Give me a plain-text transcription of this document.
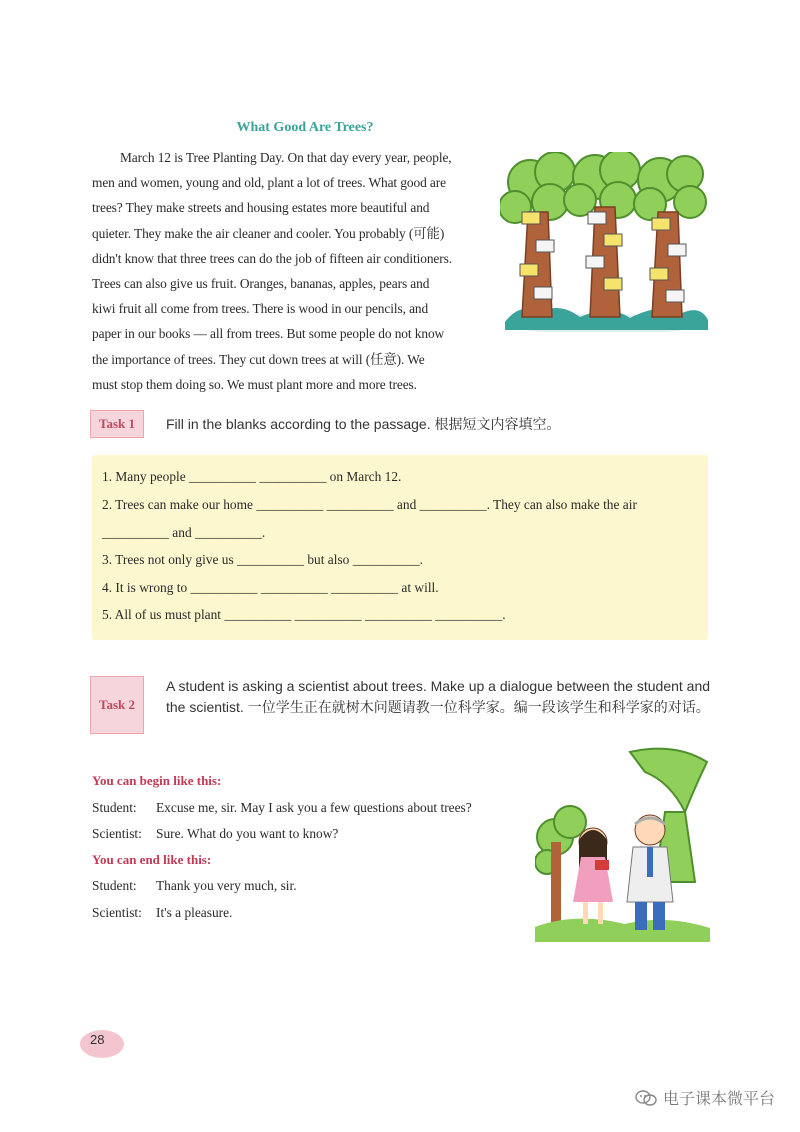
What Good Are Trees?
March 12 is Tree Planting Day. On that day every year, people,
men and women, young and old, plant a lot of trees. What good are
trees? They make streets and housing estates more beautiful and
quieter. They make the air cleaner and cooler. You probably (可能)
didn't know that three trees can do the job of fifteen air conditioners.
Trees can also give us fruit. Oranges, bananas, apples, pears and
kiwi fruit all come from trees. There is wood in our pencils, and
paper in our books — all from trees. But some people do not know
the importance of trees. They cut down trees at will (任意). We
must stop them doing so. We must plant more and more trees.
Task 1	Fill in the blanks according to the passage. 根据短文内容填空。
1. Many people __________ __________ on March 12.
2. Trees can make our home __________ __________ and __________. They can also make the air
__________ and __________.
3. Trees not only give us __________ but also __________.
4. It is wrong to __________ __________ __________ at will.
5. All of us must plant __________ __________ __________ __________.
Task 2
A student is asking a scientist about trees. Make up a dialogue between the student and the scientist. 一位学生正在就树木问题请教一位科学家。编一段该学生和科学家的对话。
You can begin like this:
Student: Excuse me, sir. May I ask you a few questions about trees?
Scientist: Sure. What do you want to know?
You can end like this:
Student: Thank you very much, sir.
Scientist: It's a pleasure.
28
电子课本微平台
